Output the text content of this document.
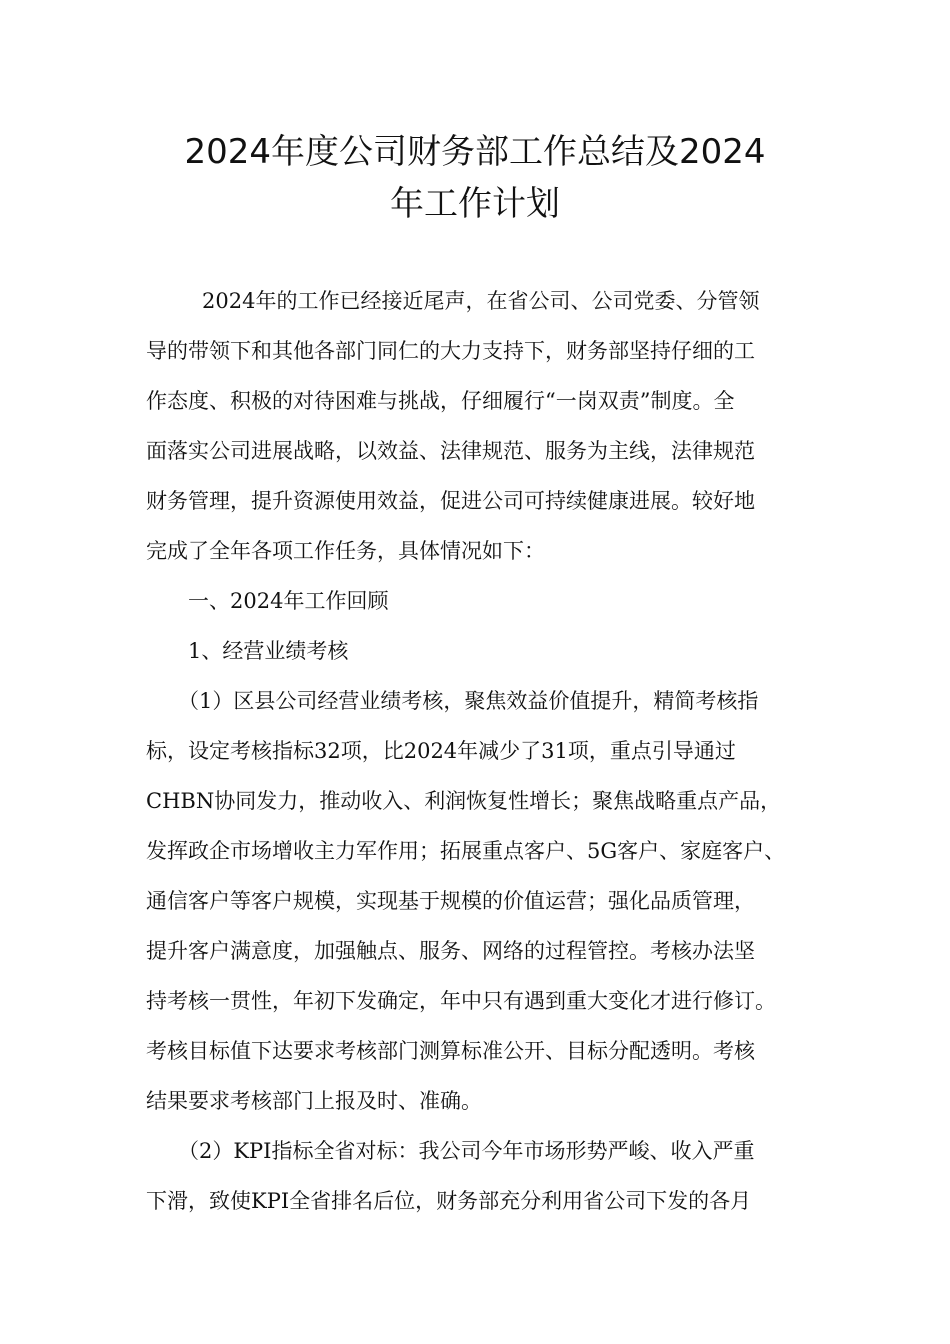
2024年度公司财务部工作总结及2024
年工作计划
2024年的工作已经接近尾声，在省公司、公司党委、分管领
导的带领下和其他各部门同仁的大力支持下，财务部坚持仔细的工
作态度、积极的对待困难与挑战，仔细履行“一岗双责”制度。全
面落实公司进展战略，以效益、法律规范、服务为主线，法律规范
财务管理，提升资源使用效益，促进公司可持续健康进展。较好地
完成了全年各项工作任务，具体情况如下：
一、2024年工作回顾
1、经营业绩考核
（1）区县公司经营业绩考核，聚焦效益价值提升，精简考核指
标，设定考核指标32项，比2024年减少了31项，重点引导通过
CHBN协同发力，推动收入、利润恢复性增长；聚焦战略重点产品，
发挥政企市场增收主力军作用；拓展重点客户、5G客户、家庭客户、
通信客户等客户规模，实现基于规模的价值运营；强化品质管理，
提升客户满意度，加强触点、服务、网络的过程管控。考核办法坚
持考核一贯性，年初下发确定，年中只有遇到重大变化才进行修订。
考核目标值下达要求考核部门测算标准公开、目标分配透明。考核
结果要求考核部门上报及时、准确。
（2）KPI指标全省对标：我公司今年市场形势严峻、收入严重
下滑，致使KPI全省排名后位，财务部充分利用省公司下发的各月
